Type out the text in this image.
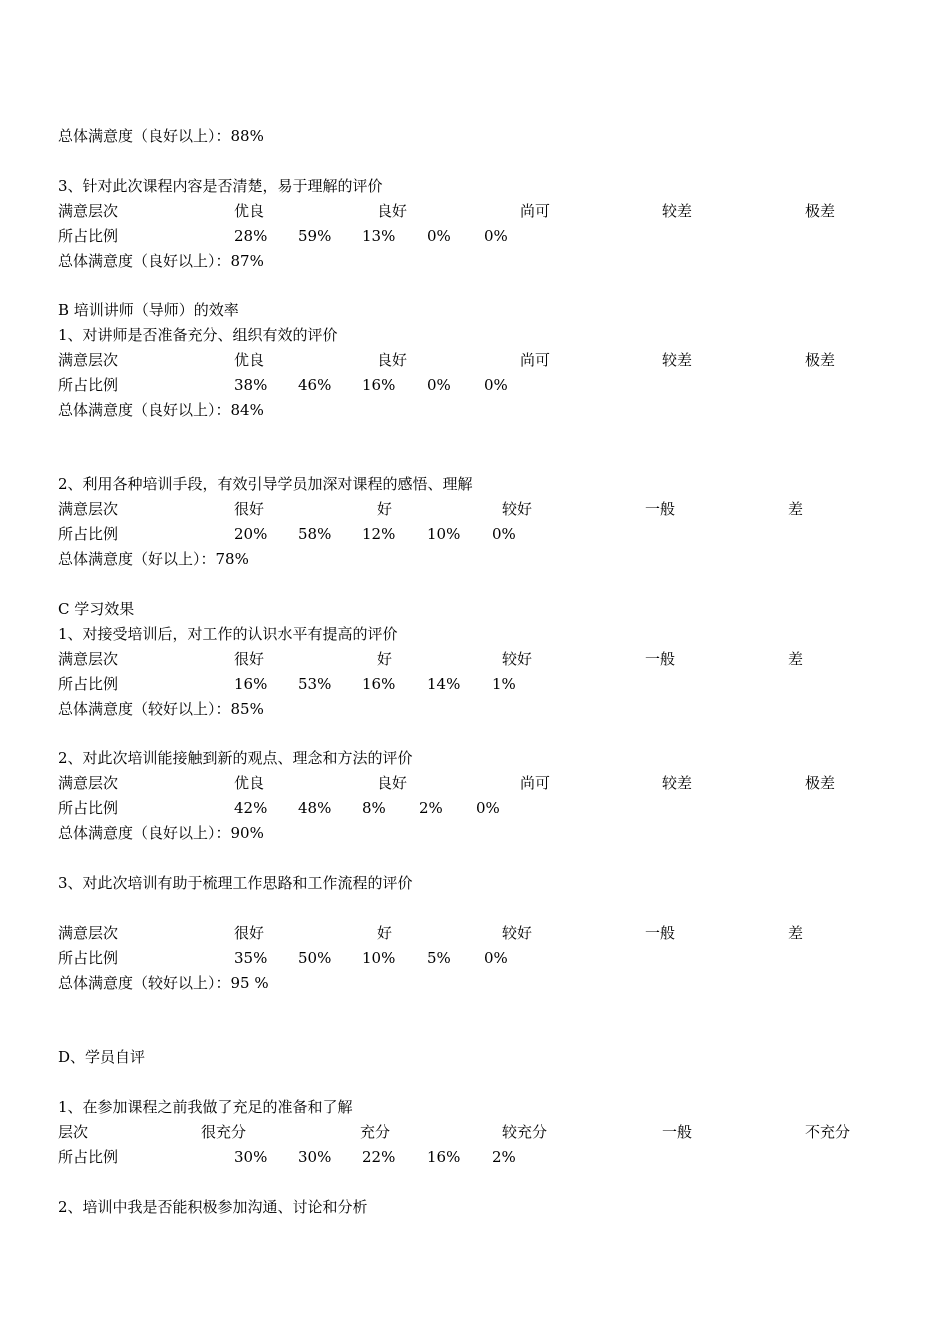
总体满意度（良好以上）：88%
3、针对此次课程内容是否清楚，易于理解的评价
满意层次	优良	良好	尚可	较差	极差
所占比例	28% 59% 13% 0% 0%
总体满意度（良好以上）：87%
B 培训讲师（导师）的效率
1、对讲师是否准备充分、组织有效的评价
满意层次	优良	良好	尚可	较差	极差
所占比例	38% 46% 16% 0% 0%
总体满意度（良好以上）：84%
2、利用各种培训手段，有效引导学员加深对课程的感悟、理解
满意层次	很好	好	较好	一般	差
所占比例	20% 58% 12% 10% 0%
总体满意度（好以上）：78%
C 学习效果
1、对接受培训后，对工作的认识水平有提高的评价
满意层次	很好	好	较好	一般	差
所占比例	16% 53% 16% 14% 1%
总体满意度（较好以上）：85%
2、对此次培训能接触到新的观点、理念和方法的评价
满意层次	优良	良好	尚可	较差	极差
所占比例	42% 48% 8% 2% 0%
总体满意度（良好以上）：90%
3、对此次培训有助于梳理工作思路和工作流程的评价
满意层次	很好	好	较好	一般	差
所占比例	35% 50% 10% 5% 0%
总体满意度（较好以上）：95 %
D、学员自评
1、在参加课程之前我做了充足的准备和了解
层次	很充分	充分	较充分	一般	不充分
所占比例	30% 30% 22% 16% 2%
2、培训中我是否能积极参加沟通、讨论和分析
